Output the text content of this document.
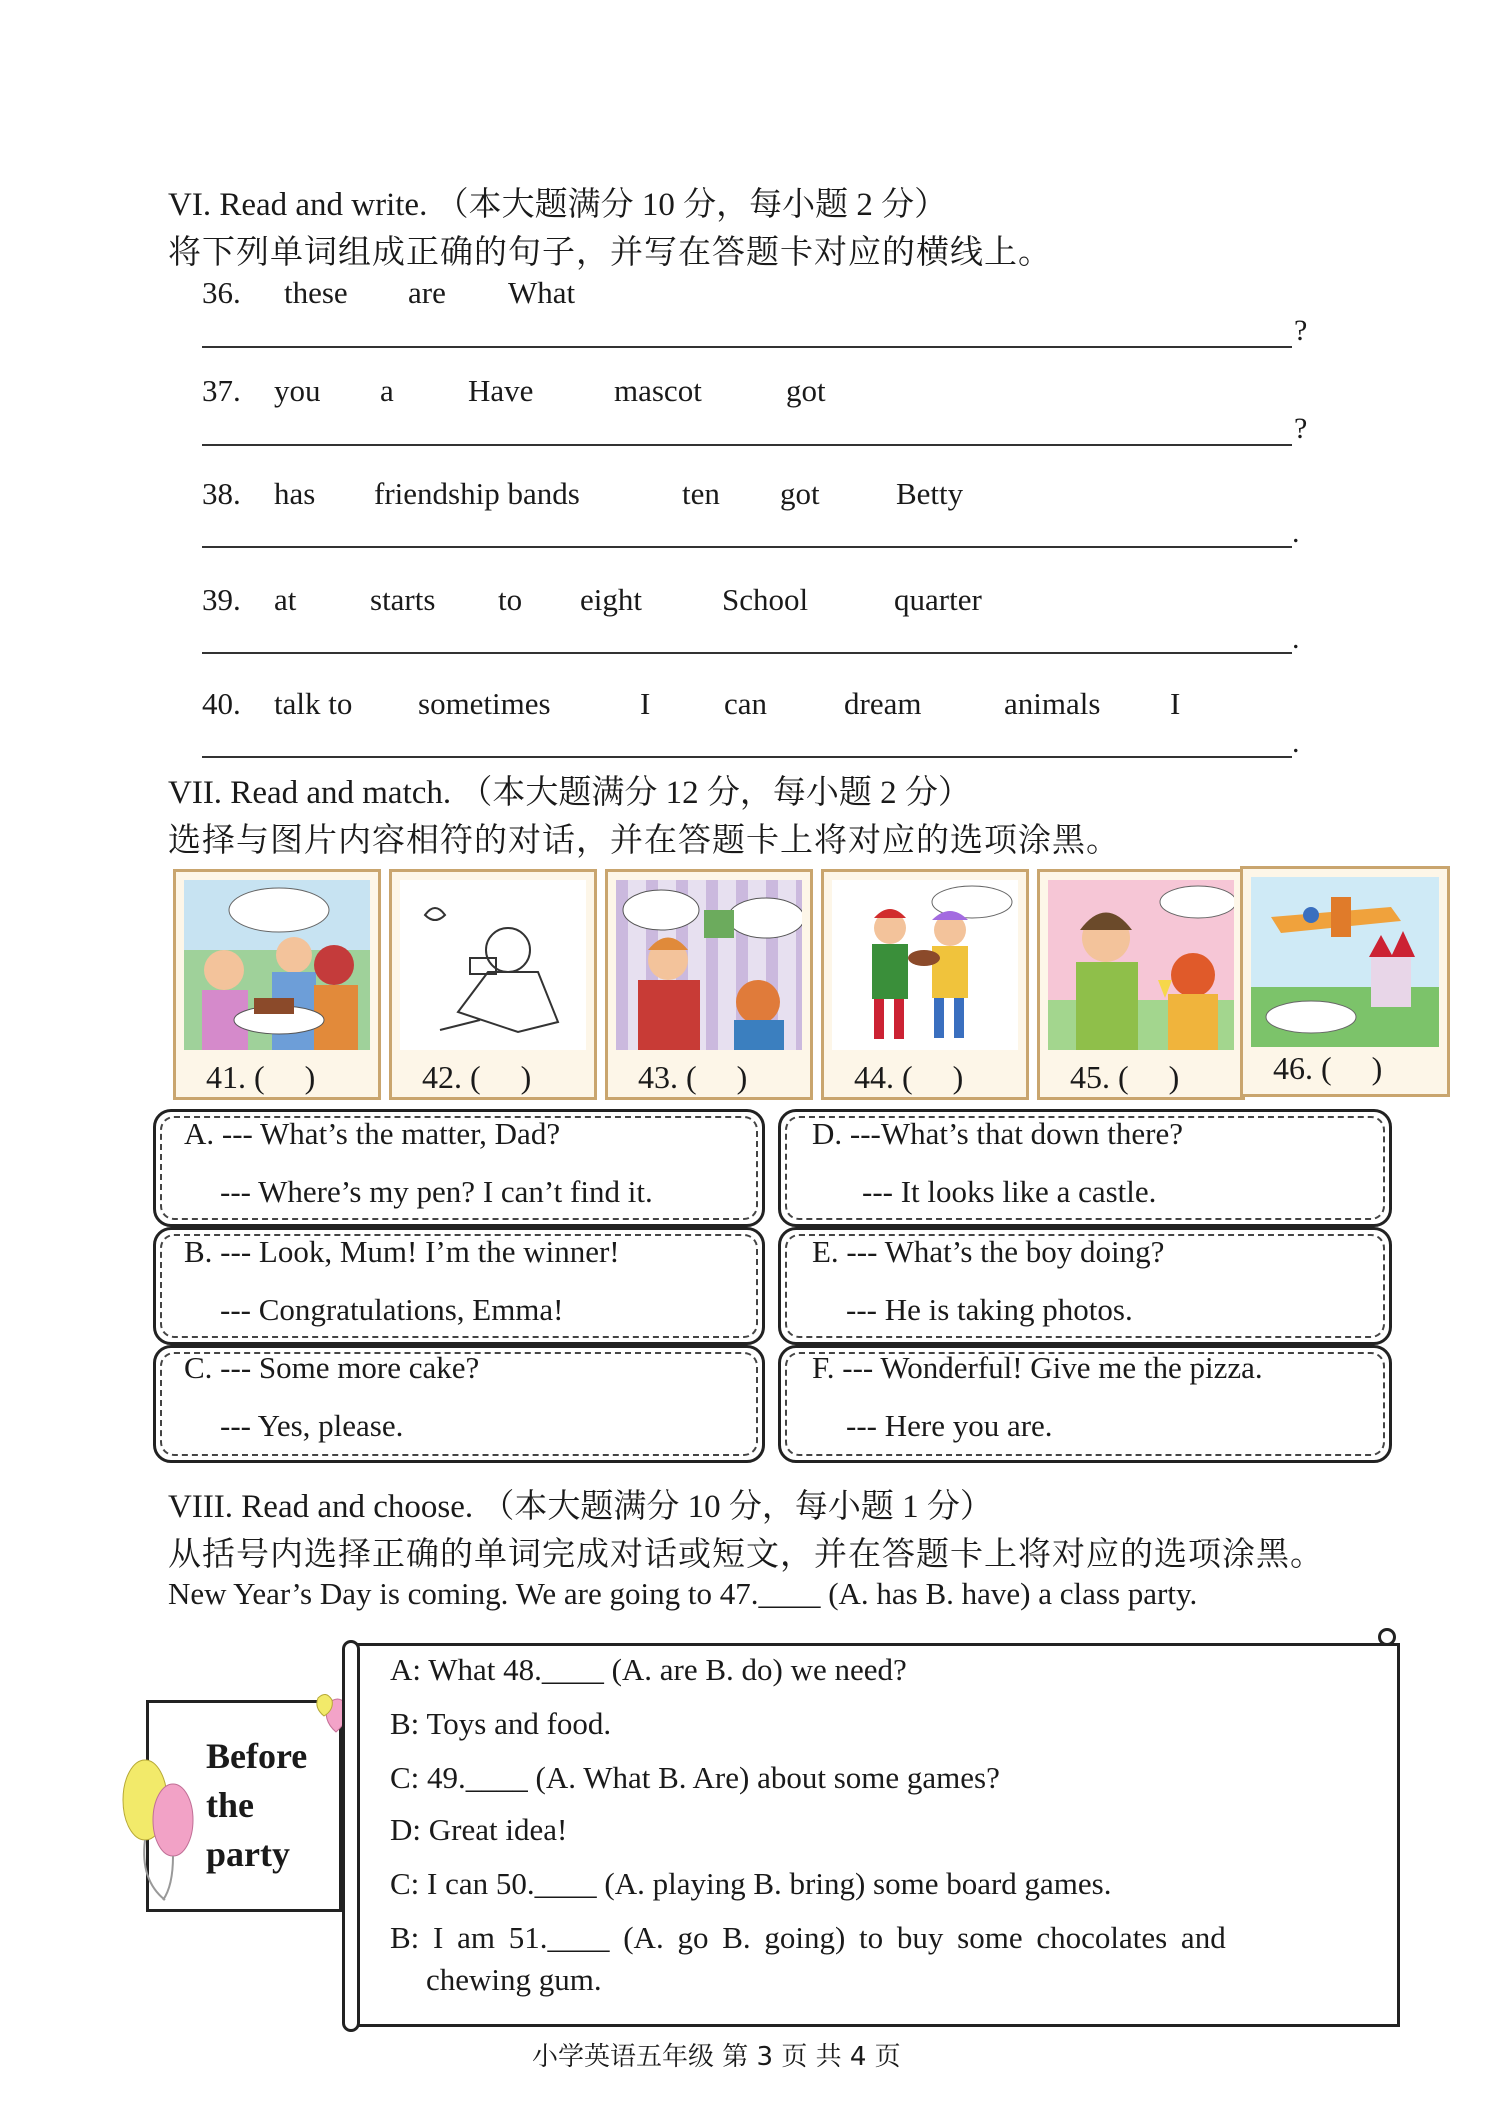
VI. Read and write. （本大题满分 10 分，每小题 2 分）
将下列单词组成正确的句子，并写在答题卡对应的横线上。
36. these are What
?
37. you a Have	mascot	got
?
38. has friendship bands	ten got Betty
.
39. at starts to eight	School	quarter
.
40. talk to sometimes	I can dream	animals I
.
VII. Read and match. （本大题满分 12 分，每小题 2 分）
选择与图片内容相符的对话，并在答题卡上将对应的选项涂黑。
41. (　 )	42. (　 )	43. (　 )	44. (　 )	45. (　 )	46. (　 )
A. --- What’s the matter, Dad?
--- Where’s my pen? I can’t find it.
D. ---What’s that down there?
--- It looks like a castle.
B. --- Look, Mum! I’m the winner!
--- Congratulations, Emma!
E. --- What’s the boy doing?
--- He is taking photos.
C. --- Some more cake?
--- Yes, please.
F. --- Wonderful! Give me the pizza.
--- Here you are.
VIII. Read and choose. （本大题满分 10 分，每小题 1 分）
从括号内选择正确的单词完成对话或短文，并在答题卡上将对应的选项涂黑。
New Year’s Day is coming. We are going to 47.____ (A. has B. have) a class party.
Before
the
party
A: What 48.____ (A. are B. do) we need?
B: Toys and food.
C: 49.____ (A. What B. Are) about some games?
D: Great idea!
C: I can 50.____ (A. playing B. bring) some board games.
B: I am 51.____ (A. go B. going) to buy some chocolates and
chewing gum.
小学英语五年级 第 3 页 共 4 页
